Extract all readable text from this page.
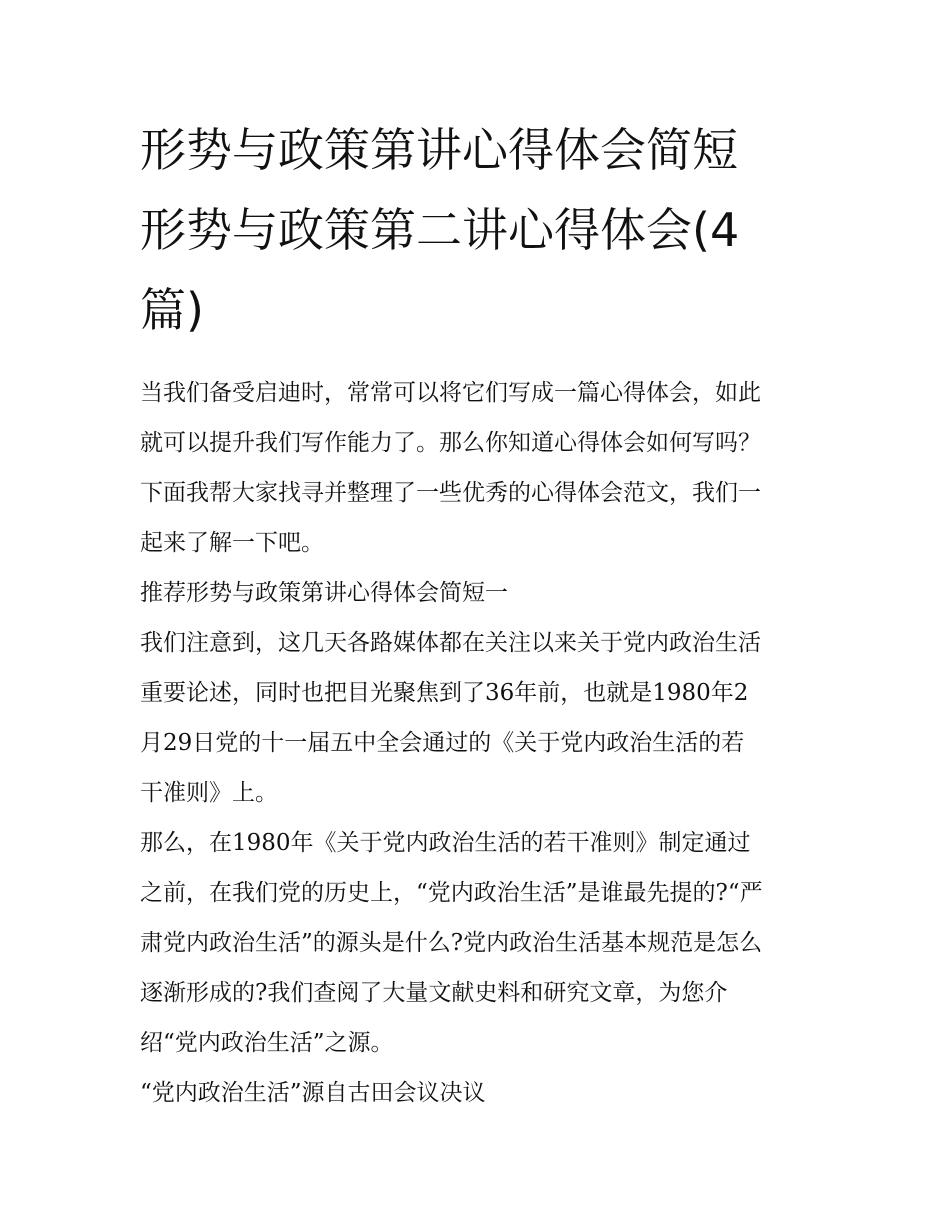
形势与政策第讲心得体会简短
形势与政策第二讲心得体会(4
篇)

当我们备受启迪时，常常可以将它们写成一篇心得体会，如此
就可以提升我们写作能力了。那么你知道心得体会如何写吗？
下面我帮大家找寻并整理了一些优秀的心得体会范文，我们一
起来了解一下吧。

推荐形势与政策第讲心得体会简短一

我们注意到，这几天各路媒体都在关注以来关于党内政治生活
重要论述，同时也把目光聚焦到了36年前，也就是1980年2
月29日党的十一届五中全会通过的《关于党内政治生活的若
干准则》上。

那么，在1980年《关于党内政治生活的若干准则》制定通过
之前，在我们党的历史上，“党内政治生活”是谁最先提的?“严
肃党内政治生活”的源头是什么?党内政治生活基本规范是怎么
逐渐形成的?我们查阅了大量文献史料和研究文章，为您介
绍“党内政治生活”之源。

“党内政治生活”源自古田会议决议
